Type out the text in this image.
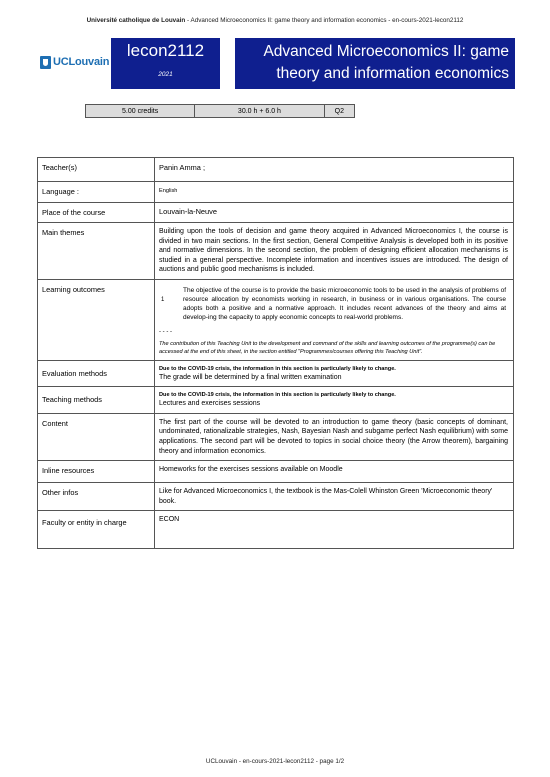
Université catholique de Louvain - Advanced Microeconomics II: game theory and information economics - en-cours-2021-lecon2112
UCLouvain
lecon2112
2021
Advanced Microeconomics II: game
theory and information economics
5.00 credits	30.0 h + 6.0 h	Q2
Teacher(s)	Panin Amma ;
Language :	English
Place of the course	Louvain-la-Neuve
Main themes	Building upon the tools of decision and game theory acquired in Advanced Microeconomics I, the course is divided in two main sections. In the first section, General Competitive Analysis is developed both in its positive and normative dimensions. In the second section, the problem of designing efficient allocation mechanisms is studied in a general perspective. Incomplete information and incentives issues are introduced. The design of auctions and public good mechanisms is included.
Learning outcomes	1
The objective of the course is to provide the basic microeconomic tools to be used in the analysis of problems of resource allocation by economists working in research, in business or in various organisations. The course adopts both a positive and a normative approach. It includes recent advances of the theory and aims at develop-ing the capacity to apply economic concepts to real-world problems.
- - - -
The contribution of this Teaching Unit to the development and command of the skills and learning outcomes of the programme(s) can be accessed at the end of this sheet, in the section entitled "Programmes/courses offering this Teaching Unit".

Evaluation methods	Due to the COVID-19 crisis, the information in this section is particularly likely to change.
The grade will be determined by a final written examination
Teaching methods	Due to the COVID-19 crisis, the information in this section is particularly likely to change.
Lectures and exercises sessions
Content	The first part of the course will be devoted to an introduction to game theory (basic concepts of dominant, undominated, rationalizable strategies, Nash, Bayesian Nash and subgame perfect Nash equilibrium) with some applications. The second part will be devoted to topics in social choice theory (the Arrow theorem), bargaining theory and information economics.
Inline resources	Homeworks for the exercises sessions available on Moodle
Other infos	Like for Advanced Microeconomics I, the textbook is the Mas-Colell Whinston Green 'Microeconomic theory' book.
Faculty or entity in charge	ECON
UCLouvain - en-cours-2021-lecon2112 - page 1/2
